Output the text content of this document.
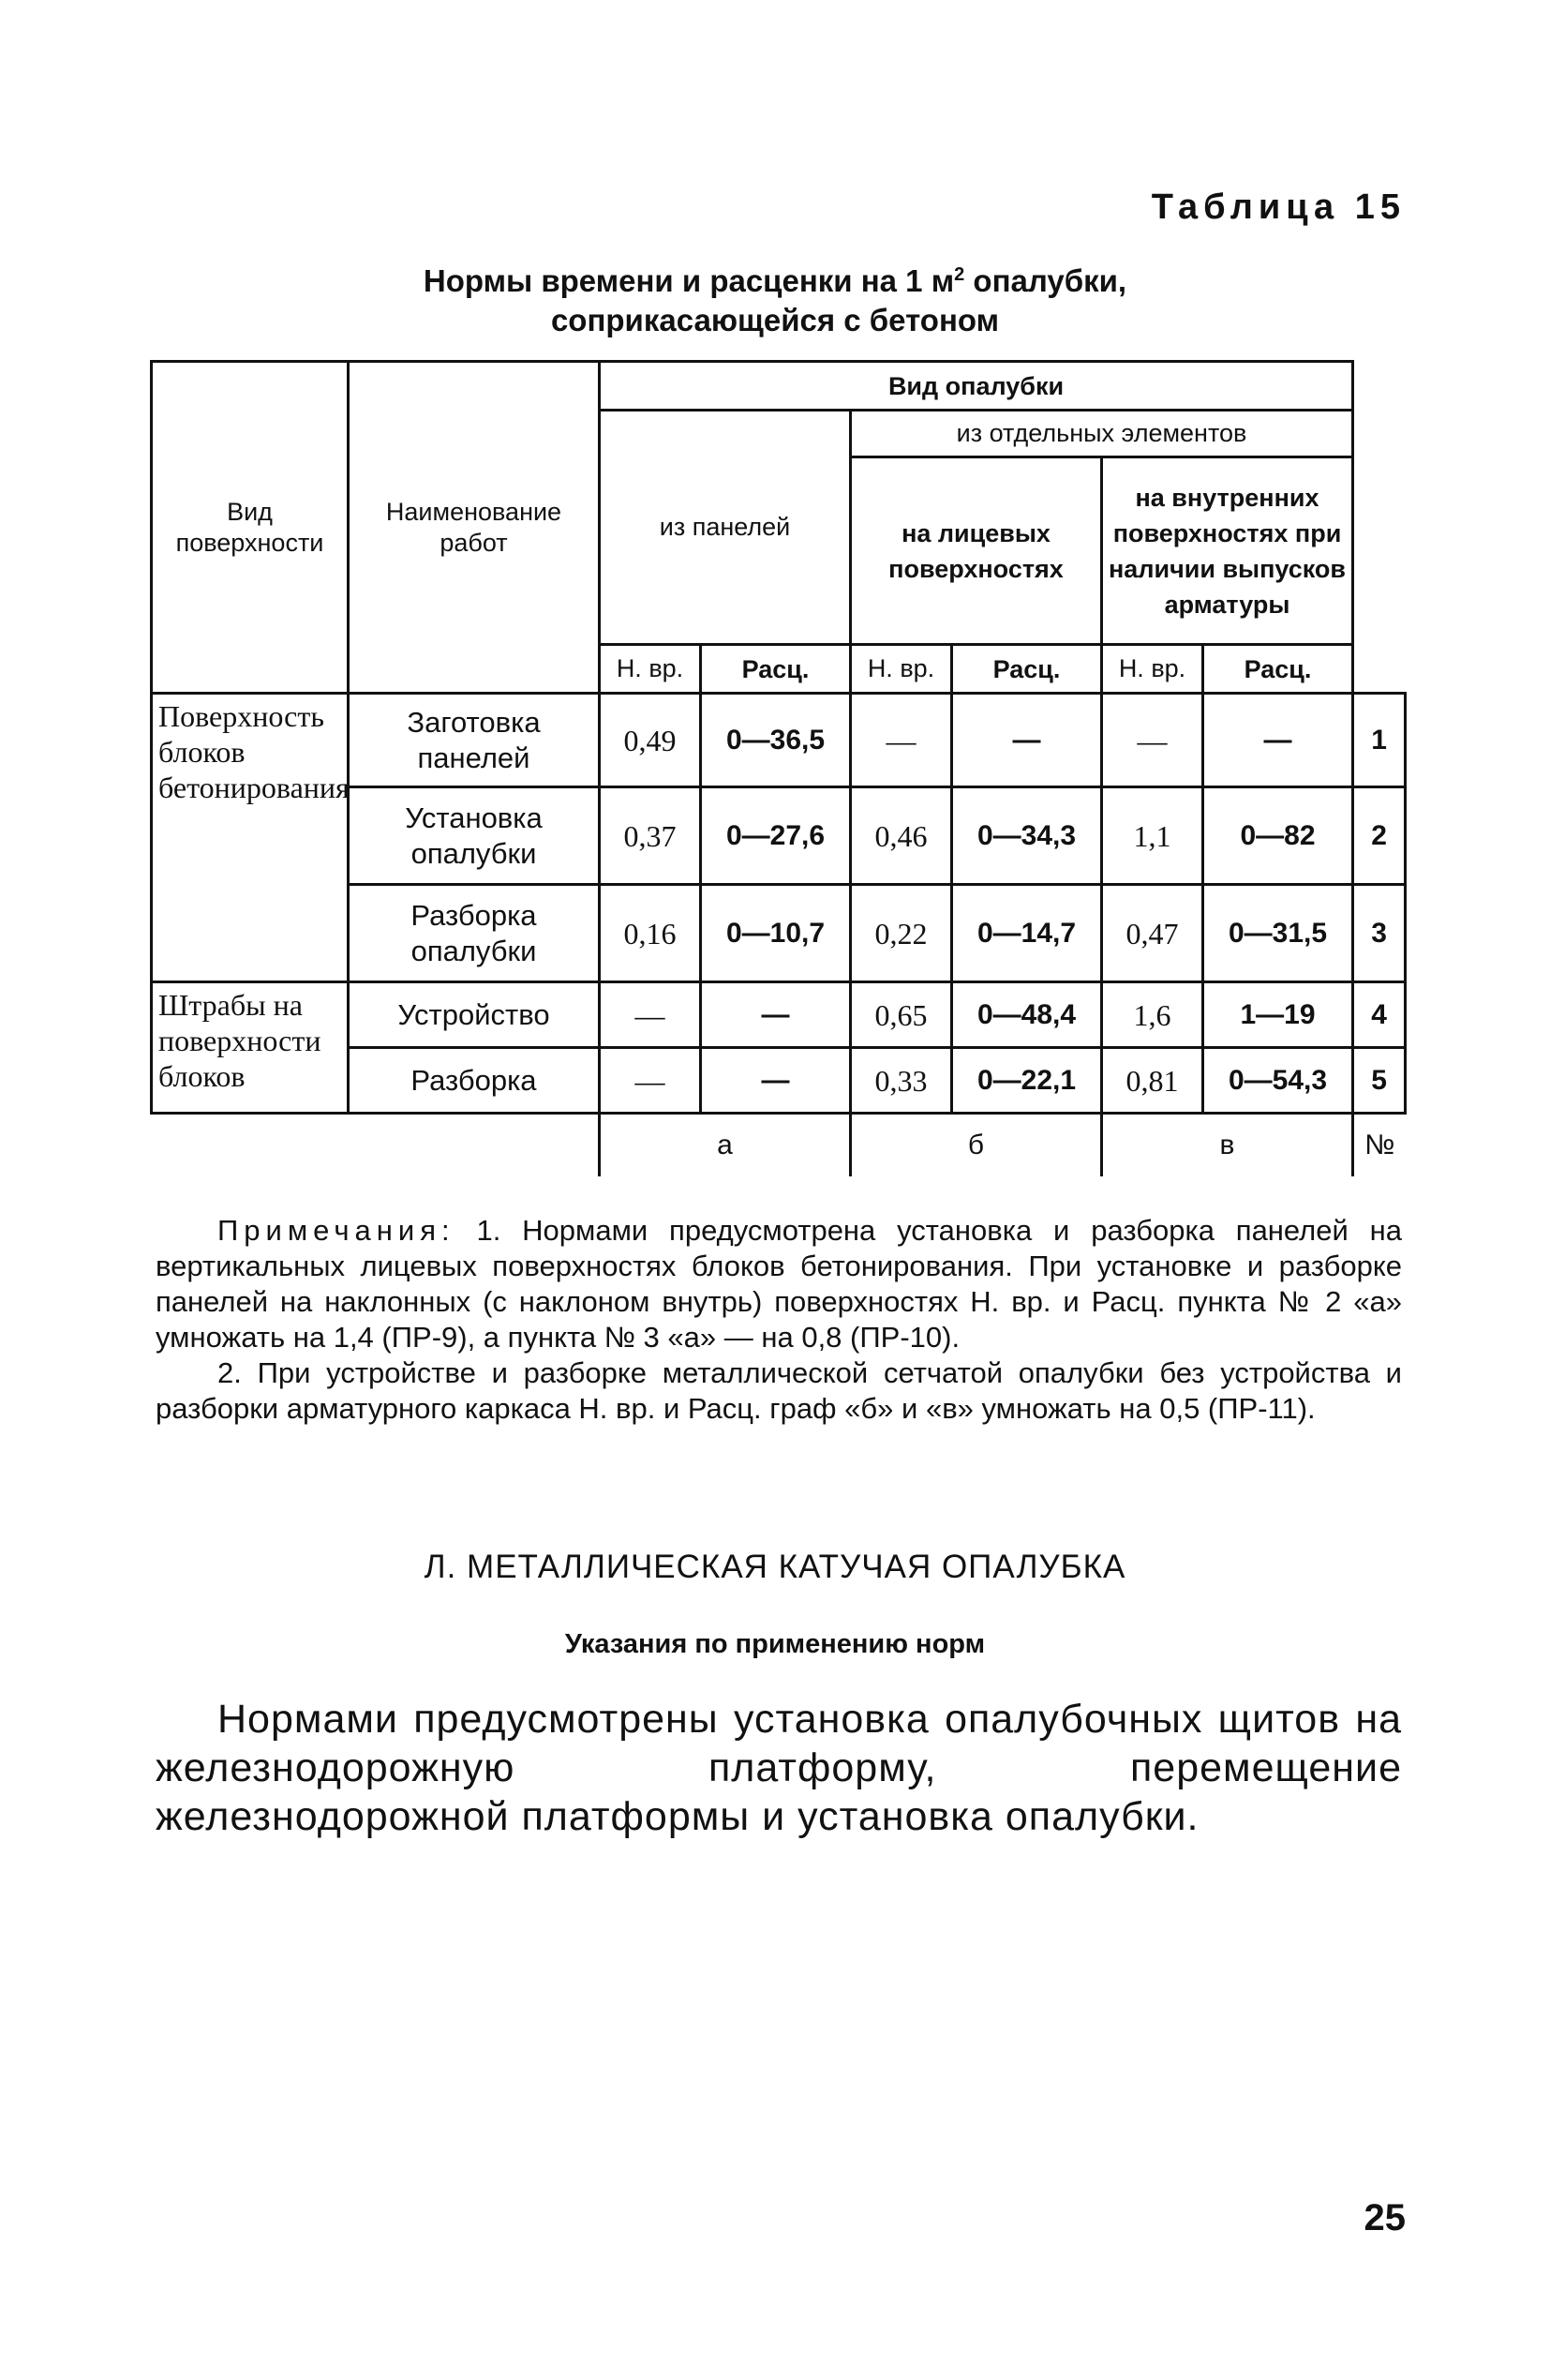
Таблица 15
Нормы времени и расценки на 1 $м^2$ опалубки,
соприкасающейся с бетоном
Вид поверхности	Наименование работ	Вид опалубки						
		из панелей		из отдельных элементов				
				на лицевых поверхностях		на внутренних поверхностях при наличии выпусков арматуры		
		Н. вр.	Расц.	Н. вр.	Расц.	Н. вр.	Расц.	
Поверхность блоков бетонирования	Заготовка панелей	0,49	0—36,5	—	—	—	—	1
	Установка опалубки	0,37	0—27,6	0,46	0—34,3	1,1	0—82	2
	Разборка опалубки	0,16	0—10,7	0,22	0—14,7	0,47	0—31,5	3
Штрабы на поверхности блоков	Устройство	—	—	0,65	0—48,4	1,6	1—19	4
	Разборка	—	—	0,33	0—22,1	0,81	0—54,3	5
		а		б		в		№

Примечания: 1. Нормами предусмотрена установка и разборка панелей на вертикальных лицевых поверхностях блоков бетонирования. При установке и разборке панелей на наклонных (с наклоном внутрь) поверхностях Н. вр. и Расц. пункта № 2 «а» умножать на 1,4 (ПР-9), а пункта № 3 «а» — на 0,8 (ПР-10).

2. При устройстве и разборке металлической сетчатой опалубки без устройства и разборки арматурного каркаса Н. вр. и Расц. граф «б» и «в» умножать на 0,5 (ПР-11).

Л. МЕТАЛЛИЧЕСКАЯ КАТУЧАЯ ОПАЛУБКА
Указания по применению норм
Нормами предусмотрены установка опалубочных щитов на железнодорожную платформу, перемещение железнодорожной платформы и установка опалубки.
25
